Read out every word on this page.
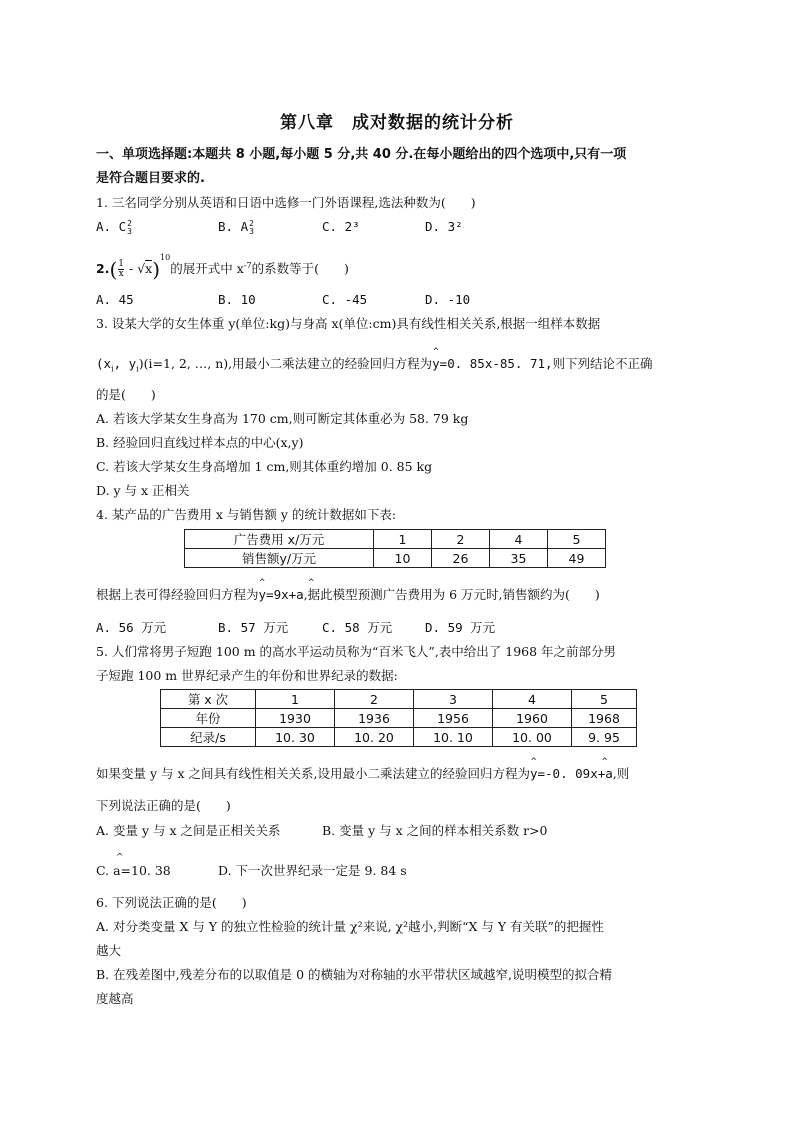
第八章　成对数据的统计分析
一、单项选择题:本题共 8 小题,每小题 5 分,共 40 分.在每小题给出的四个选项中,只有一项
是符合题目要求的.
1. 三名同学分别从英语和日语中选修一门外语课程,选法种数为(　　)
A. C 2
3	B. A 2
3	C. 2³	D. 3²
$2.( \frac{1}{x} - √x)^{10}$的展开式中 $x^{-7}$的系数等于(　　)
A. 45	B. 10	C. -45	D. -10
3. 设某大学的女生体重 y(单位:kg)与身高 x(单位:cm)具有线性相关关系,根据一组样本数据
($x_i$, $y_i)(i=1$, 2, …, n),用最小二乘法建立的经验回归方程为
^
y=0. 85x-85. 71,则下列结论不正确
的是(　　)
A. 若该大学某女生身高为 170 cm,则可断定其体重必为 58. 79 kg
B. 经验回归直线过样本点的中心(x,y)
C. 若该大学某女生身高增加 1 cm,则其体重约增加 0. 85 kg
D. y 与 x 正相关
4. 某产品的广告费用 x 与销售额 y 的统计数据如下表:
广告费用 x/万元	1	2	4	5
销售额y/万元	10	26	35	49
根据上表可得经验回归方程为
^	^
y=9x+a,据此模型预测广告费用为 6 万元时,销售额约为(　　)
A. 56 万元	B. 57 万元	C. 58 万元	D. 59 万元
5. 人们常将男子短跑 100 m 的高水平运动员称为“百米飞人”,表中给出了 1968 年之前部分男
子短跑 100 m 世界纪录产生的年份和世界纪录的数据:
第 x 次	1	2	3	4	5
年份	1930	1936	1956	1960	1968
纪录/s	10. 30	10. 20	10. 10	10. 00	9. 95
如果变量 y 与 x 之间具有线性相关关系,设用最小二乘法建立的经验回归方程为
^	^
y=-0. 09x+a,则
下列说法正确的是(　　)
A. 变量 y 与 x 之间是正相关关系	B. 变量 y 与 x 之间的样本相关系数 r>0
^
C. a=10. 38	D. 下一次世界纪录一定是 9. 84 s
6. 下列说法正确的是(　　)
A. 对分类变量 X 与 Y 的独立性检验的统计量 χ²来说, χ²越小,判断“X 与 Y 有关联”的把握性
越大
B. 在残差图中,残差分布的以取值是 0 的横轴为对称轴的水平带状区域越窄,说明模型的拟合精
度越高
